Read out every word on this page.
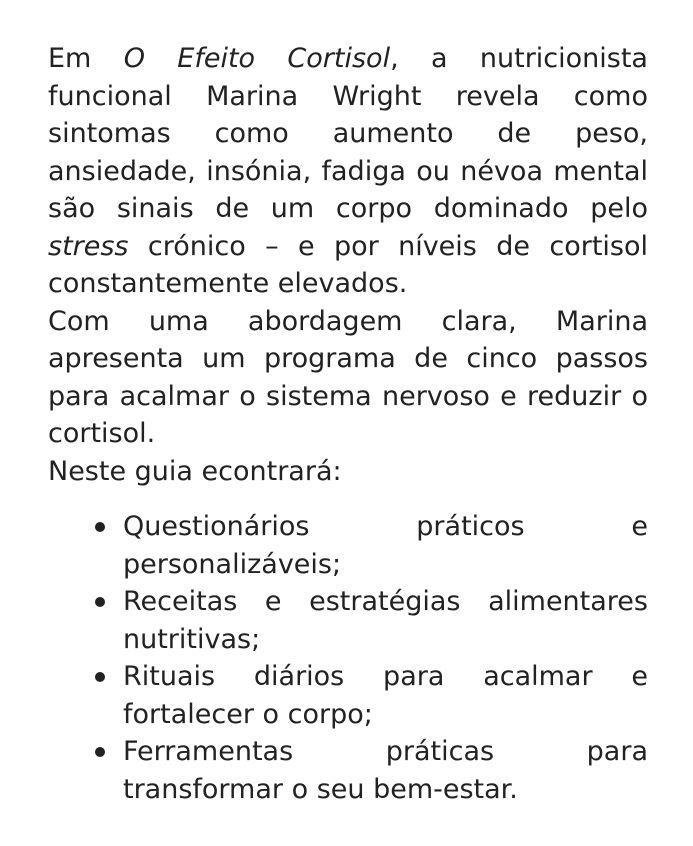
Em O Efeito Cortisol, a nutricionista funcional Marina Wright revela como sintomas como aumento de peso, ansiedade, insónia, fadiga ou névoa mental são sinais de um corpo dominado pelo stress crónico – e por níveis de cortisol constantemente elevados.

Com uma abordagem clara, Marina apresenta um programa de cinco passos para acalmar o sistema nervoso e reduzir o cortisol.

Neste guia econtrará:

Questionários práticos e personalizáveis;
Receitas e estratégias alimentares nutritivas;
Rituais diários para acalmar e fortalecer o corpo;
Ferramentas práticas para transformar o seu bem-estar.
